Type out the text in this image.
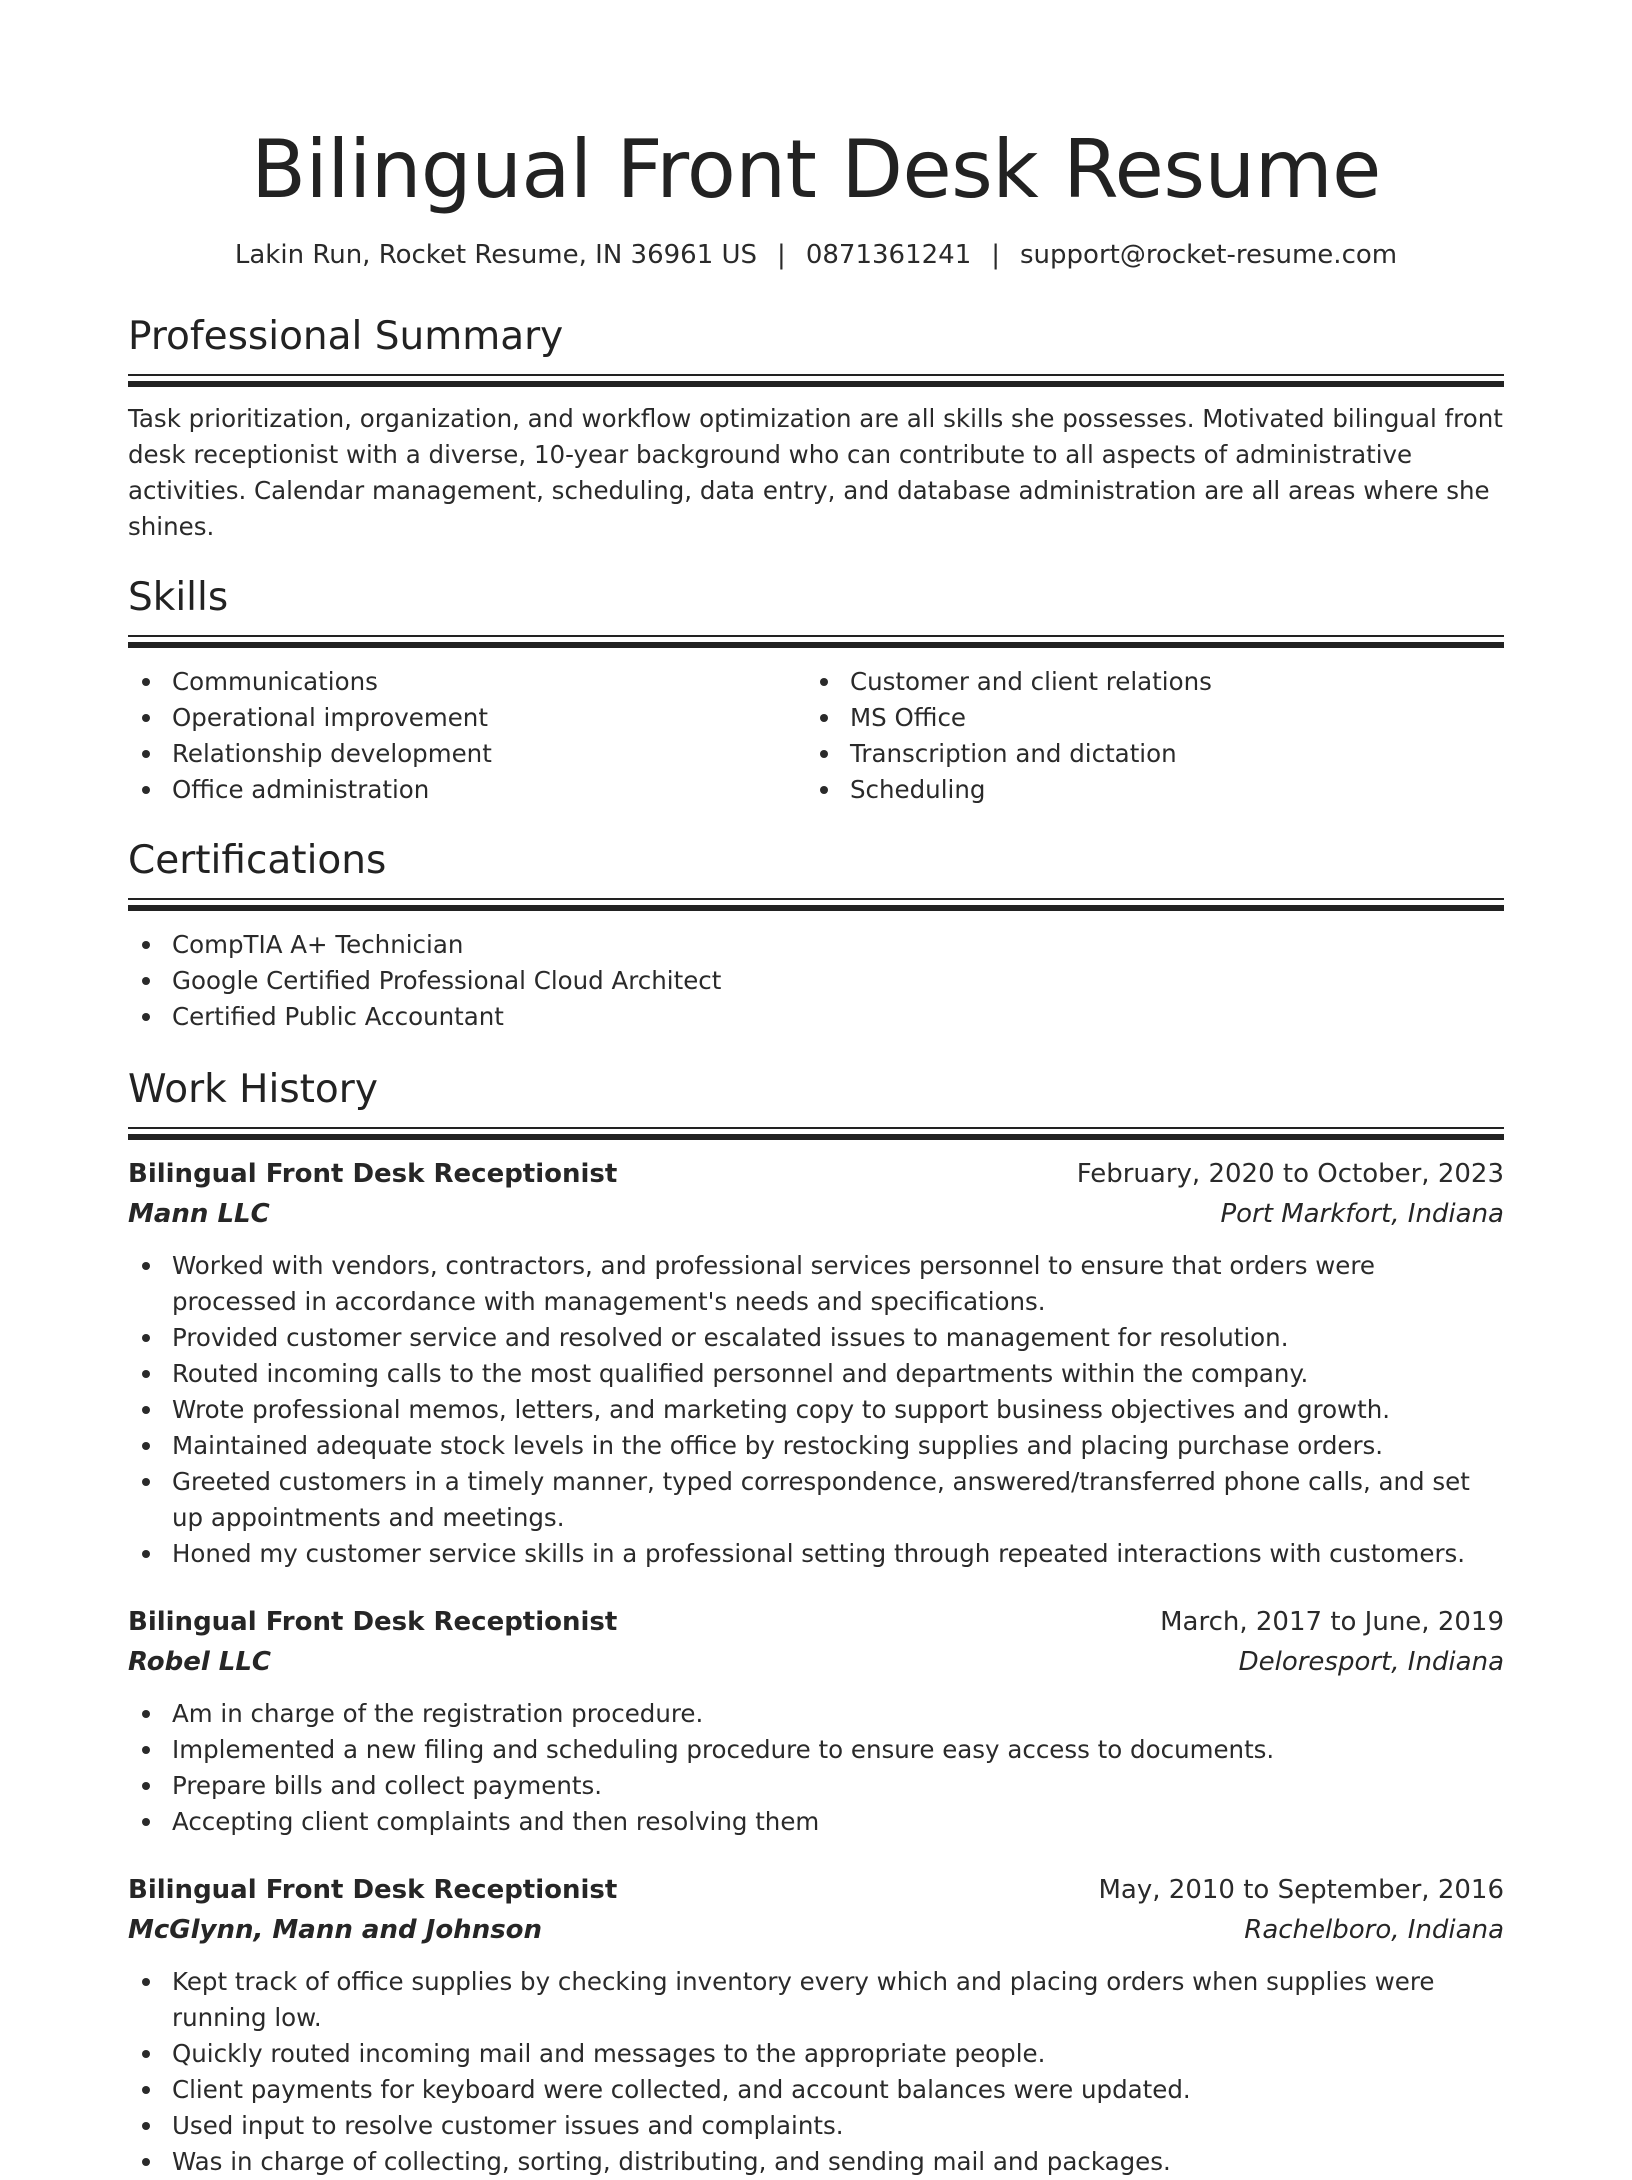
Bilingual Front Desk Resume
Lakin Run, Rocket Resume, IN 36961 US | 0871361241 | support@rocket-resume.com
Professional Summary

Task prioritization, organization, and workflow optimization are all skills she possesses. Motivated bilingual front desk receptionist with a diverse, 10-year background who can contribute to all aspects of administrative activities. Calendar management, scheduling, data entry, and database administration are all areas where she shines.

Skills
Communications
Operational improvement
Relationship development
Office administration
Customer and client relations
MS Office
Transcription and dictation
Scheduling
Certifications
CompTIA A+ Technician
Google Certified Professional Cloud Architect
Certified Public Accountant
Work History
Bilingual Front Desk Receptionist	February, 2020 to October, 2023
Mann LLC	Port Markfort, Indiana
Worked with vendors, contractors, and professional services personnel to ensure that orders were processed in accordance with management's needs and specifications.
Provided customer service and resolved or escalated issues to management for resolution.
Routed incoming calls to the most qualified personnel and departments within the company.
Wrote professional memos, letters, and marketing copy to support business objectives and growth.
Maintained adequate stock levels in the office by restocking supplies and placing purchase orders.
Greeted customers in a timely manner, typed correspondence, answered/transferred phone calls, and set up appointments and meetings.
Honed my customer service skills in a professional setting through repeated interactions with customers.
Bilingual Front Desk Receptionist	March, 2017 to June, 2019
Robel LLC	Deloresport, Indiana
Am in charge of the registration procedure.
Implemented a new filing and scheduling procedure to ensure easy access to documents.
Prepare bills and collect payments.
Accepting client complaints and then resolving them
Bilingual Front Desk Receptionist	May, 2010 to September, 2016
McGlynn, Mann and Johnson	Rachelboro, Indiana
Kept track of office supplies by checking inventory every which and placing orders when supplies were running low.
Quickly routed incoming mail and messages to the appropriate people.
Client payments for keyboard were collected, and account balances were updated.
Used input to resolve customer issues and complaints.
Was in charge of collecting, sorting, distributing, and sending mail and packages.
